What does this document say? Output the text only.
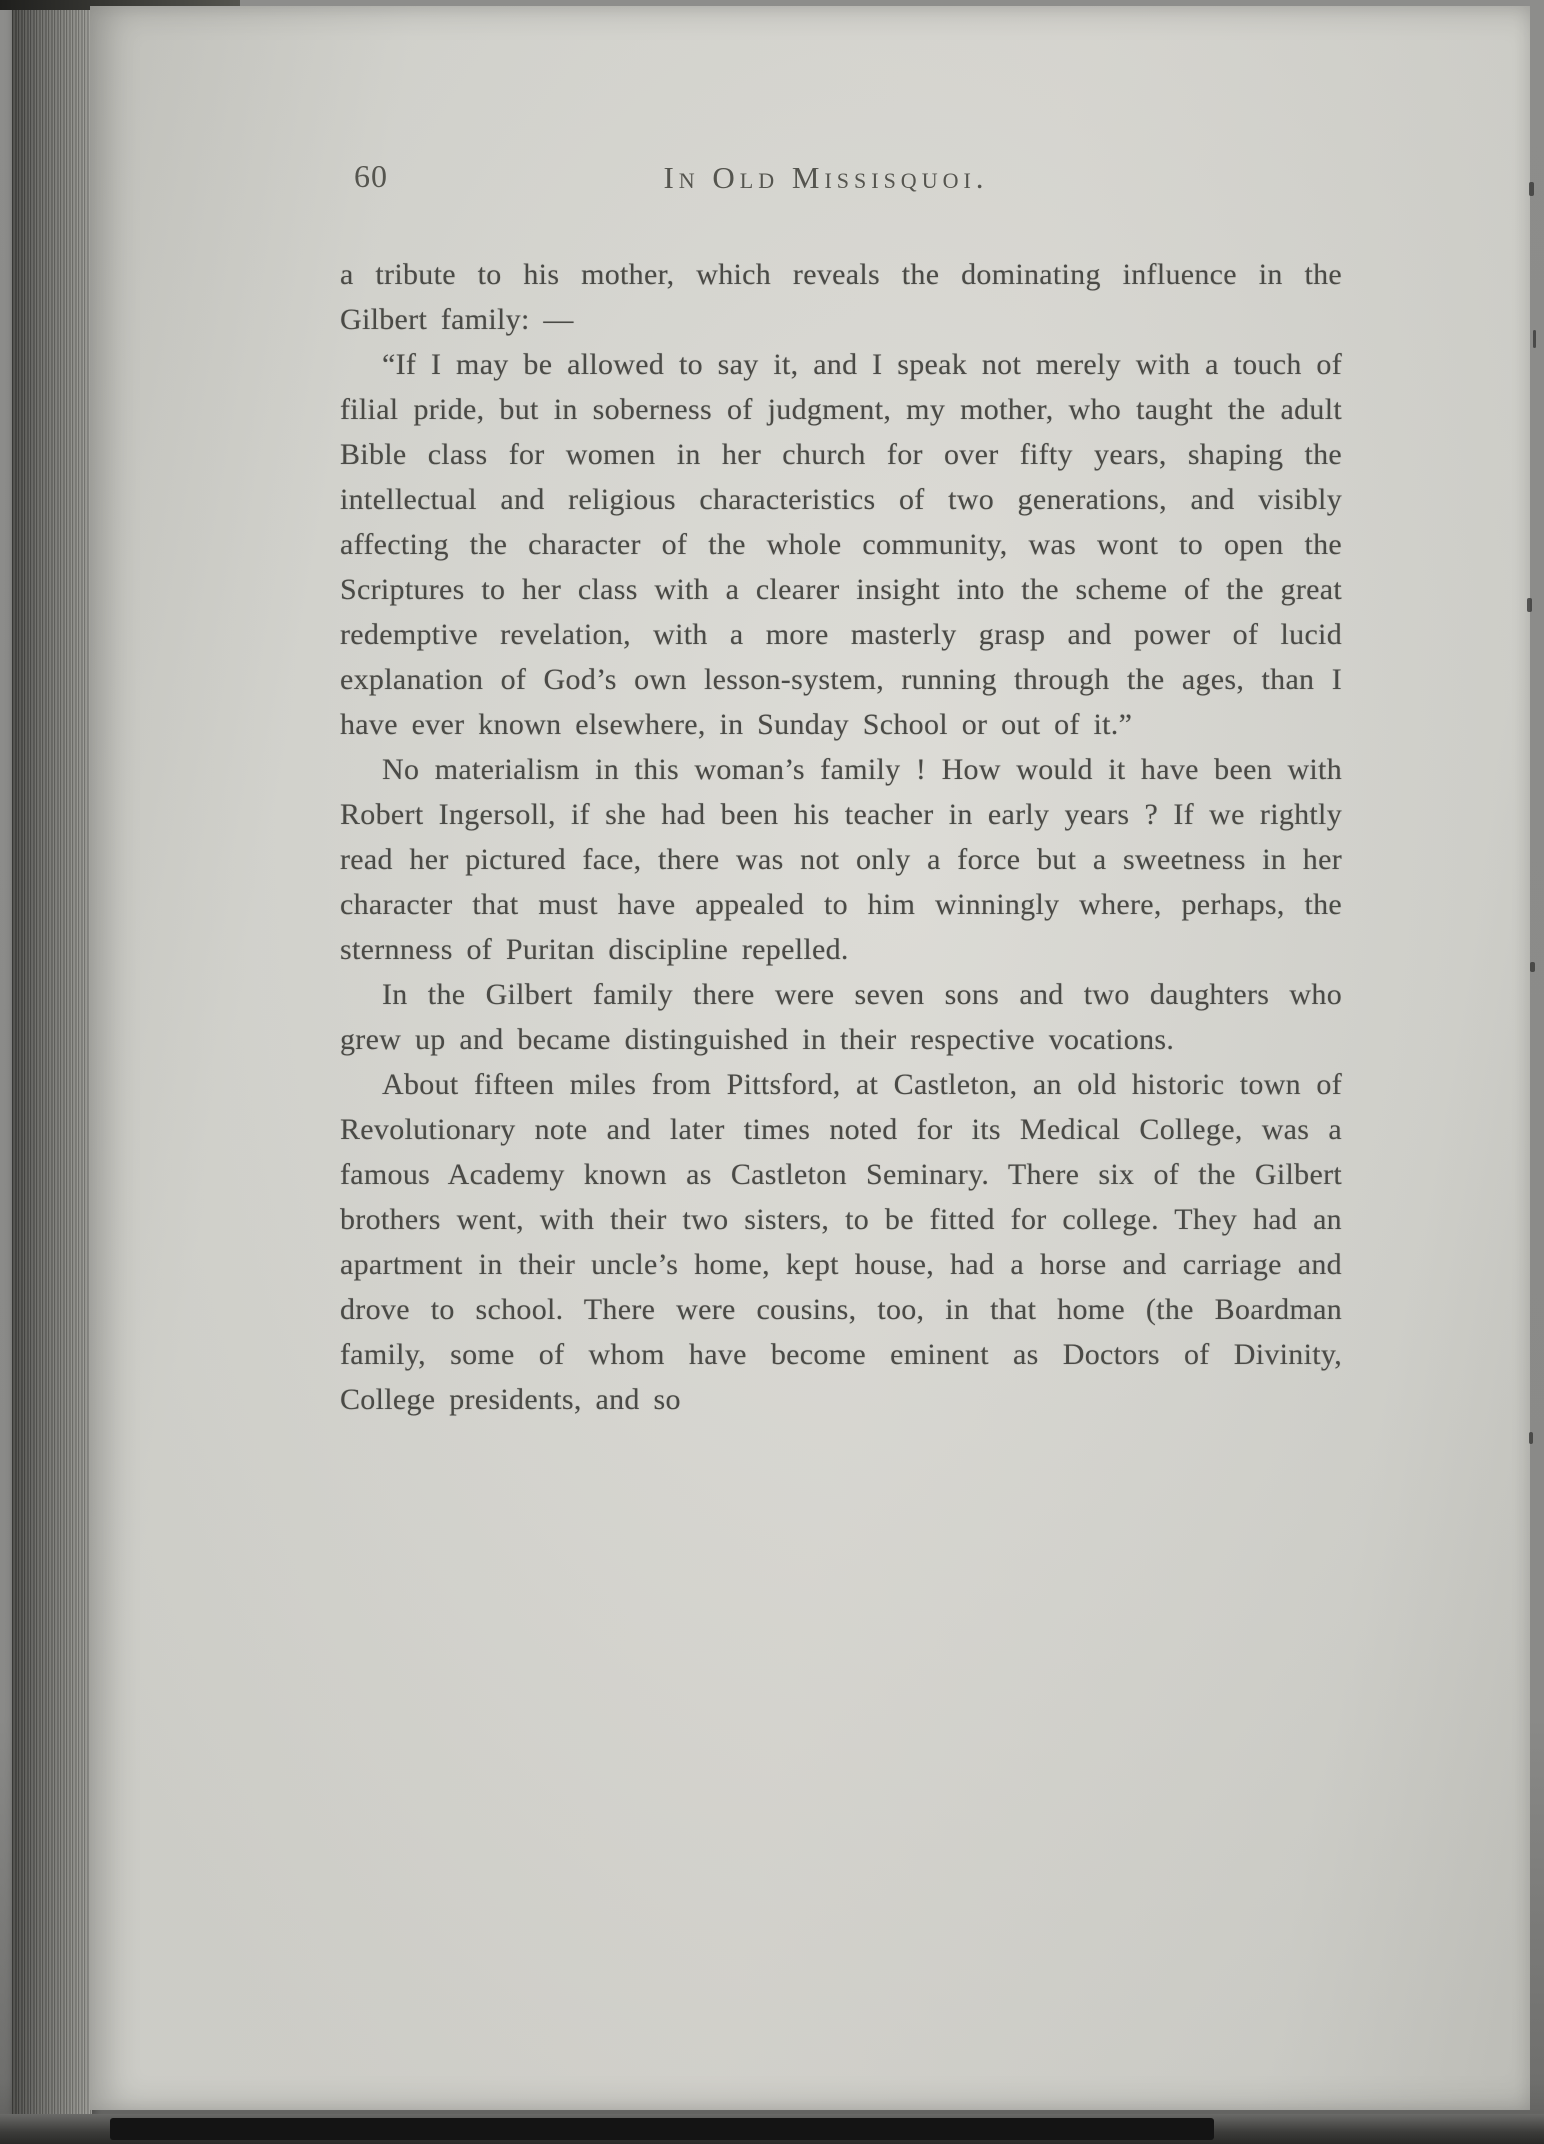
60	In Old Missisquoi.

a tribute to his mother, which reveals the dominating influence in the Gilbert family: —

“If I may be allowed to say it, and I speak not merely with a touch of filial pride, but in soberness of judgment, my mother, who taught the adult Bible class for women in her church for over fifty years, shaping the intellectual and religious characteristics of two generations, and visibly affecting the character of the whole community, was wont to open the Scriptures to her class with a clearer insight into the scheme of the great redemptive revelation, with a more masterly grasp and power of lucid explanation of God’s own lesson-system, running through the ages, than I have ever known elsewhere, in Sunday School or out of it.”

No materialism in this woman’s family ! How would it have been with Robert Ingersoll, if she had been his teacher in early years ? If we rightly read her pictured face, there was not only a force but a sweetness in her character that must have appealed to him winningly where, perhaps, the sternness of Puritan discipline repelled.

In the Gilbert family there were seven sons and two daughters who grew up and became distinguished in their respective vocations.

About fifteen miles from Pittsford, at Castleton, an old historic town of Revolutionary note and later times noted for its Medical College, was a famous Academy known as Castleton Seminary. There six of the Gilbert brothers went, with their two sisters, to be fitted for college. They had an apartment in their uncle’s home, kept house, had a horse and carriage and drove to school. There were cousins, too, in that home (the Boardman family, some of whom have become eminent as Doctors of Divinity, College presidents, and so
